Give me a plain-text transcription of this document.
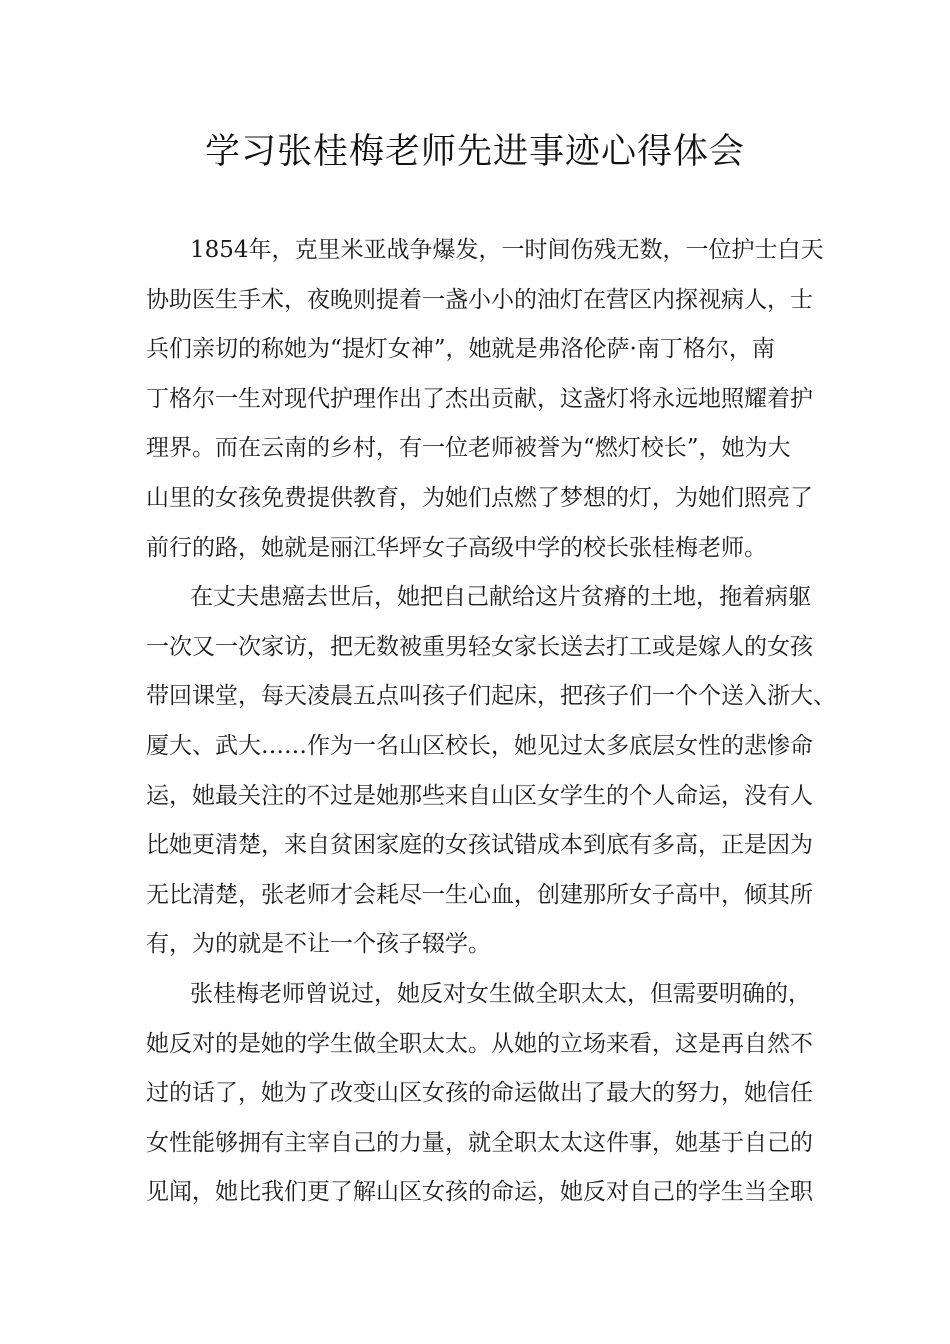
学习张桂梅老师先进事迹心得体会
1854年，克里米亚战争爆发，一时间伤残无数，一位护士白天
协助医生手术，夜晚则提着一盏小小的油灯在营区内探视病人，士
兵们亲切的称她为“提灯女神”，她就是弗洛伦萨·南丁格尔，南
丁格尔一生对现代护理作出了杰出贡献，这盏灯将永远地照耀着护
理界。而在云南的乡村，有一位老师被誉为“燃灯校长”，她为大
山里的女孩免费提供教育，为她们点燃了梦想的灯，为她们照亮了
前行的路，她就是丽江华坪女子高级中学的校长张桂梅老师。
在丈夫患癌去世后，她把自己献给这片贫瘠的土地，拖着病躯
一次又一次家访，把无数被重男轻女家长送去打工或是嫁人的女孩
带回课堂，每天凌晨五点叫孩子们起床，把孩子们一个个送入浙大、
厦大、武大……作为一名山区校长，她见过太多底层女性的悲惨命
运，她最关注的不过是她那些来自山区女学生的个人命运，没有人
比她更清楚，来自贫困家庭的女孩试错成本到底有多高，正是因为
无比清楚，张老师才会耗尽一生心血，创建那所女子高中，倾其所
有，为的就是不让一个孩子辍学。
张桂梅老师曾说过，她反对女生做全职太太，但需要明确的，
她反对的是她的学生做全职太太。从她的立场来看，这是再自然不
过的话了，她为了改变山区女孩的命运做出了最大的努力，她信任
女性能够拥有主宰自己的力量，就全职太太这件事，她基于自己的
见闻，她比我们更了解山区女孩的命运，她反对自己的学生当全职
